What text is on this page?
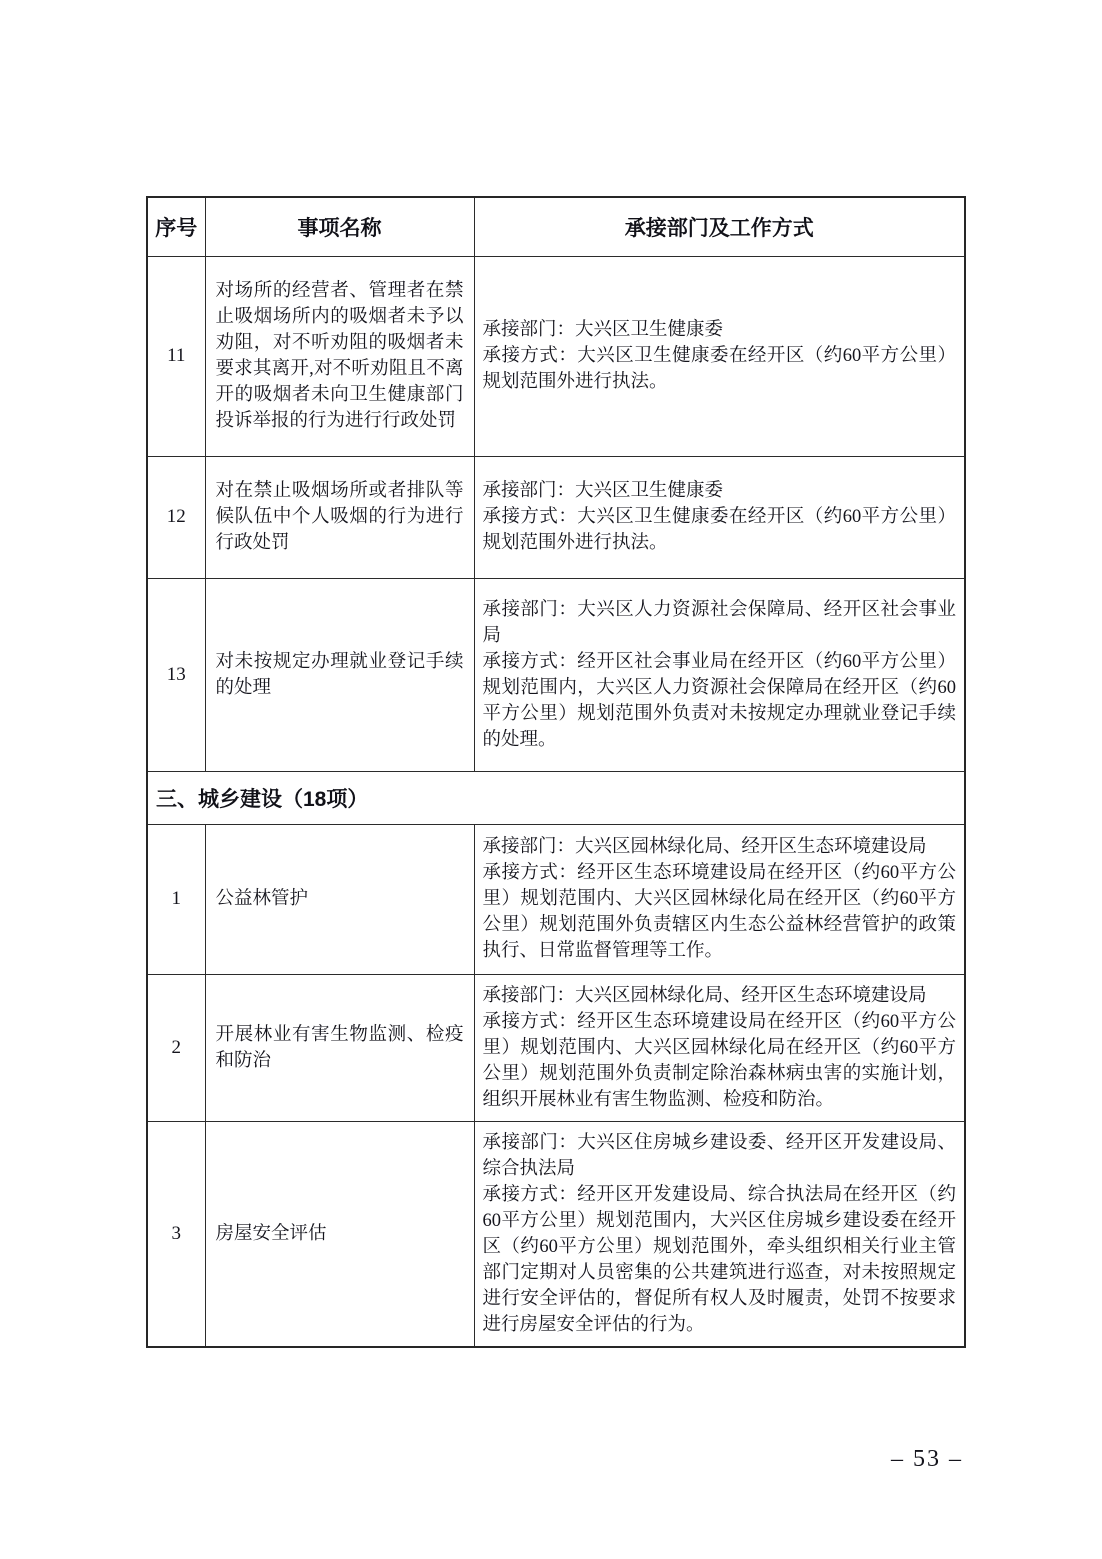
序号	事项名称	承接部门及工作方式
11	对场所的经营者、管理者在禁止吸烟场所内的吸烟者未予以劝阻，对不听劝阻的吸烟者未要求其离开,对不听劝阻且不离开的吸烟者未向卫生健康部门投诉举报的行为进行行政处罚	承接部门：大兴区卫生健康委
承接方式：大兴区卫生健康委在经开区（约60平方公里）规划范围外进行执法。

12	对在禁止吸烟场所或者排队等候队伍中个人吸烟的行为进行行政处罚	承接部门：大兴区卫生健康委
承接方式：大兴区卫生健康委在经开区（约60平方公里）规划范围外进行执法。

13	对未按规定办理就业登记手续的处理	承接部门：大兴区人力资源社会保障局、经开区社会事业局
承接方式：经开区社会事业局在经开区（约60平方公里）规划范围内，大兴区人力资源社会保障局在经开区（约60平方公里）规划范围外负责对未按规定办理就业登记手续的处理。

三、城乡建设（18项）		
1	公益林管护	承接部门：大兴区园林绿化局、经开区生态环境建设局
承接方式：经开区生态环境建设局在经开区（约60平方公里）规划范围内、大兴区园林绿化局在经开区（约60平方公里）规划范围外负责辖区内生态公益林经营管护的政策执行、日常监督管理等工作。

2	开展林业有害生物监测、检疫和防治	承接部门：大兴区园林绿化局、经开区生态环境建设局
承接方式：经开区生态环境建设局在经开区（约60平方公里）规划范围内、大兴区园林绿化局在经开区（约60平方公里）规划范围外负责制定除治森林病虫害的实施计划，组织开展林业有害生物监测、检疫和防治。

3	房屋安全评估	承接部门：大兴区住房城乡建设委、经开区开发建设局、综合执法局
承接方式：经开区开发建设局、综合执法局在经开区（约60平方公里）规划范围内，大兴区住房城乡建设委在经开区（约60平方公里）规划范围外，牵头组织相关行业主管部门定期对人员密集的公共建筑进行巡查，对未按照规定进行安全评估的，督促所有权人及时履责，处罚不按要求进行房屋安全评估的行为。
– 53 –
